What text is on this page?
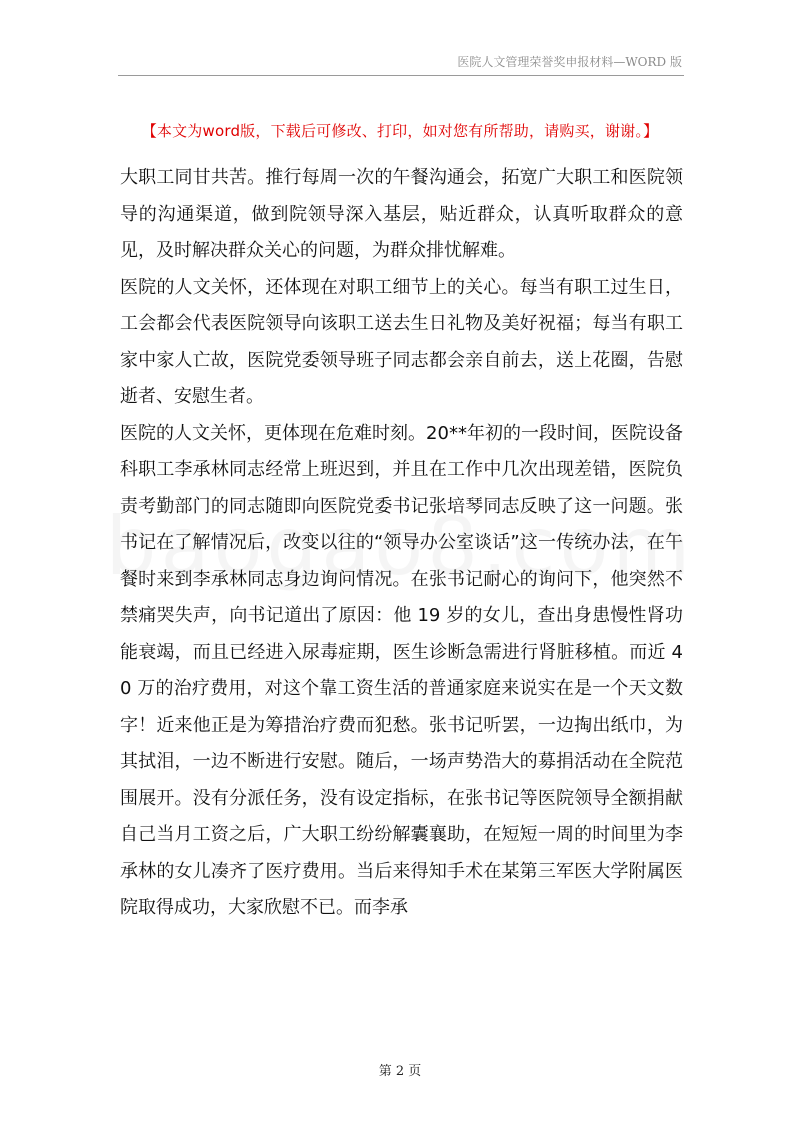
医院人文管理荣誉奖申报材料—WORD 版
【本文为word版，下载后可修改、打印，如对您有所帮助，请购买，谢谢。】

大职工同甘共苦。推行每周一次的午餐沟通会，拓宽广大职工和医院领导的沟通渠道，做到院领导深入基层，贴近群众，认真听取群众的意见，及时解决群众关心的问题，为群众排忧解难。

医院的人文关怀，还体现在对职工细节上的关心。每当有职工过生日，工会都会代表医院领导向该职工送去生日礼物及美好祝福；每当有职工家中家人亡故，医院党委领导班子同志都会亲自前去，送上花圈，告慰逝者、安慰生者。

医院的人文关怀，更体现在危难时刻。20**年初的一段时间，医院设备科职工李承林同志经常上班迟到，并且在工作中几次出现差错，医院负责考勤部门的同志随即向医院党委书记张培琴同志反映了这一问题。张书记在了解情况后，改变以往的“领导办公室谈话”这一传统办法，在午餐时来到李承林同志身边询问情况。在张书记耐心的询问下，他突然不禁痛哭失声，向书记道出了原因：他 19 岁的女儿，查出身患慢性肾功能衰竭，而且已经进入尿毒症期，医生诊断急需进行肾脏移植。而近 40 万的治疗费用，对这个靠工资生活的普通家庭来说实在是一个天文数字！近来他正是为筹措治疗费而犯愁。张书记听罢，一边掏出纸巾，为其拭泪，一边不断进行安慰。随后，一场声势浩大的募捐活动在全院范围展开。没有分派任务，没有设定指标，在张书记等医院领导全额捐献自己当月工资之后，广大职工纷纷解囊襄助，在短短一周的时间里为李承林的女儿凑齐了医疗费用。当后来得知手术在某第三军医大学附属医院取得成功，大家欣慰不已。而李承

第 2 页
